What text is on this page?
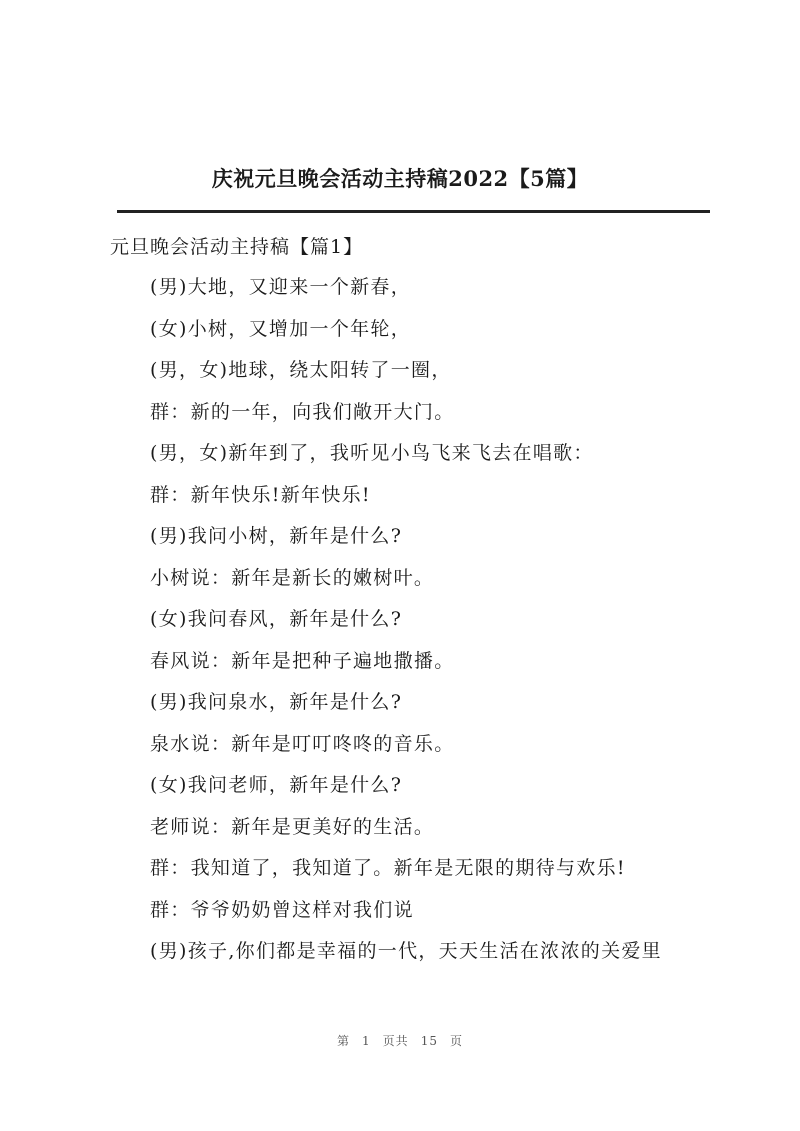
庆祝元旦晚会活动主持稿2022【5篇】
元旦晚会活动主持稿【篇1】
(男)大地，又迎来一个新春，
(女)小树，又增加一个年轮，
(男，女)地球，绕太阳转了一圈，
群：新的一年，向我们敞开大门。
(男，女)新年到了，我听见小鸟飞来飞去在唱歌：
群：新年快乐!新年快乐!
(男)我问小树，新年是什么?
小树说：新年是新长的嫩树叶。
(女)我问春风，新年是什么?
春风说：新年是把种子遍地撒播。
(男)我问泉水，新年是什么?
泉水说：新年是叮叮咚咚的音乐。
(女)我问老师，新年是什么?
老师说：新年是更美好的生活。
群：我知道了，我知道了。新年是无限的期待与欢乐!
群：爷爷奶奶曾这样对我们说
(男)孩子,你们都是幸福的一代，天天生活在浓浓的关爱里
第 1 页共 15 页
